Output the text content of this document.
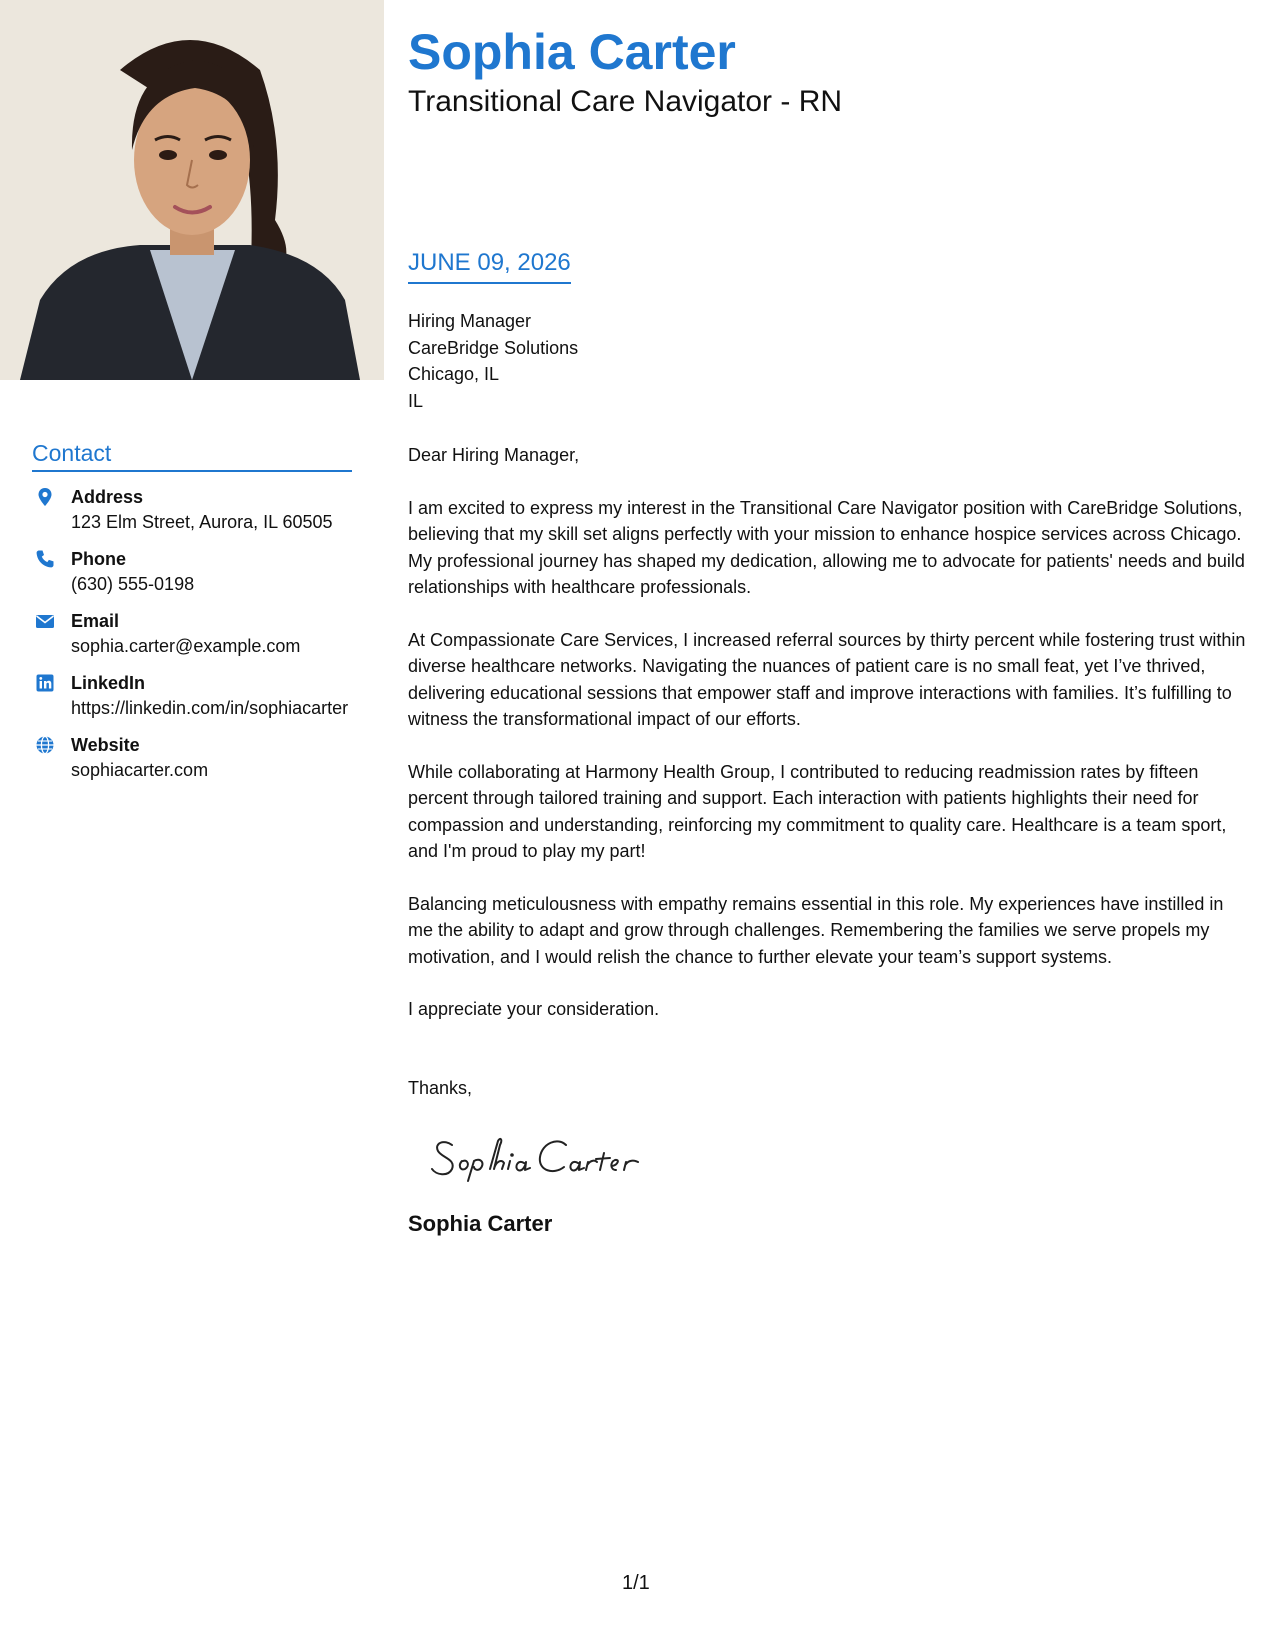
Sophia Carter
Transitional Care Navigator - RN
Contact
Address
123 Elm Street, Aurora, IL 60505
Phone
(630) 555-0198
Email
sophia.carter@example.com
LinkedIn
https://linkedin.com/in/sophiacarter
Website
sophiacarter.com
JUNE 09, 2026
Hiring Manager
CareBridge Solutions
Chicago, IL
IL
Dear Hiring Manager,
I am excited to express my interest in the Transitional Care Navigator position with CareBridge Solutions, believing that my skill set aligns perfectly with your mission to enhance hospice services across Chicago. My professional journey has shaped my dedication, allowing me to advocate for patients' needs and build relationships with healthcare professionals.
At Compassionate Care Services, I increased referral sources by thirty percent while fostering trust within diverse healthcare networks. Navigating the nuances of patient care is no small feat, yet I’ve thrived, delivering educational sessions that empower staff and improve interactions with families. It’s fulfilling to witness the transformational impact of our efforts.
While collaborating at Harmony Health Group, I contributed to reducing readmission rates by fifteen percent through tailored training and support. Each interaction with patients highlights their need for compassion and understanding, reinforcing my commitment to quality care. Healthcare is a team sport, and I'm proud to play my part!
Balancing meticulousness with empathy remains essential in this role. My experiences have instilled in me the ability to adapt and grow through challenges. Remembering the families we serve propels my motivation, and I would relish the chance to further elevate your team’s support systems.
I appreciate your consideration.
Thanks,
Sophia Carter
1/1
